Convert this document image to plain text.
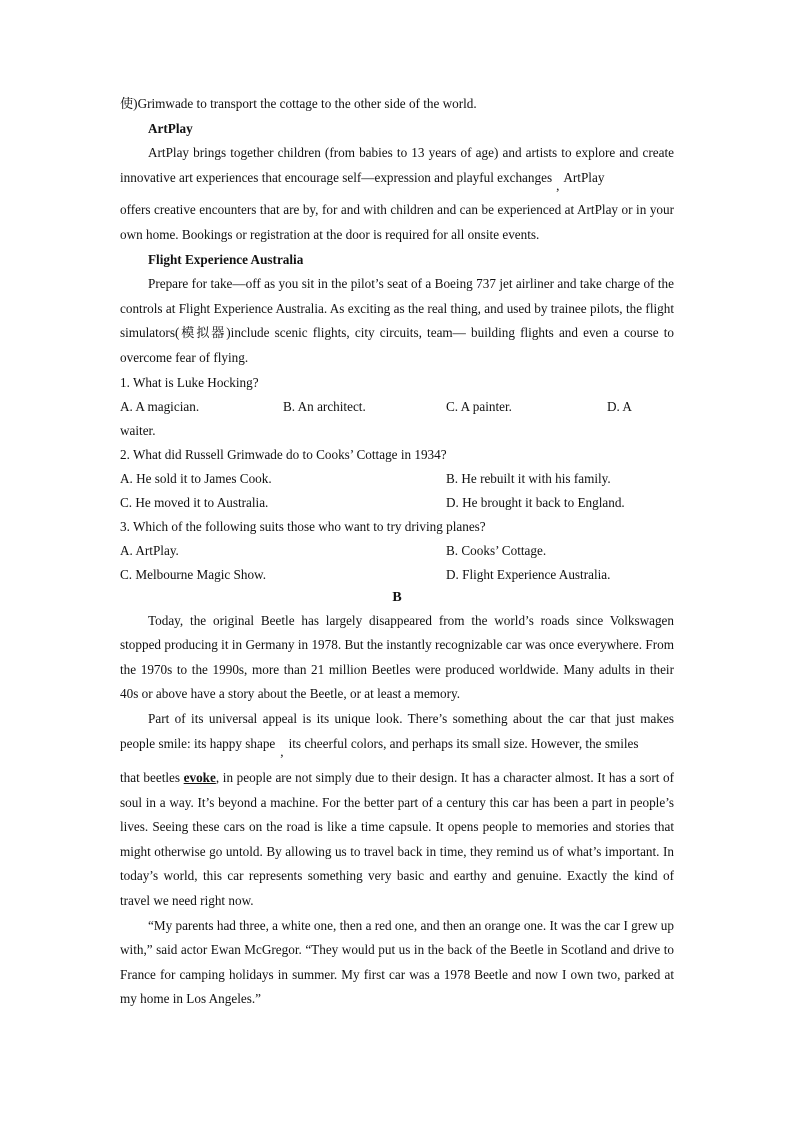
使)Grimwade to transport the cottage to the other side of the world.

ArtPlay

ArtPlay brings together children (from babies to 13 years of age) and artists to explore and create innovative art experiences that encourage self—expression and playful exchanges,ArtPlay

offers creative encounters that are by, for and with children and can be experienced at ArtPlay or in your own home. Bookings or registration at the door is required for all onsite events.

Flight Experience Australia

Prepare for take—off as you sit in the pilot’s seat of a Boeing 737 jet airliner and take charge of the controls at Flight Experience Australia. As exciting as the real thing, and used by trainee pilots, the flight simulators(模拟器)include scenic flights, city circuits, team— building flights and even a course to overcome fear of flying.

1. What is Luke Hocking?

A. A magician.	B. An architect.	C. A painter.	D. A

waiter.

2. What did Russell Grimwade do to Cooks’ Cottage in 1934?

A. He sold it to James Cook.	B. He rebuilt it with his family.
C. He moved it to Australia.	D. He brought it back to England.

3. Which of the following suits those who want to try driving planes?

A. ArtPlay.	B. Cooks’ Cottage.
C. Melbourne Magic Show.	D. Flight Experience Australia.

B

Today, the original Beetle has largely disappeared from the world’s roads since Volkswagen stopped producing it in Germany in 1978. But the instantly recognizable car was once everywhere. From the 1970s to the 1990s, more than 21 million Beetles were produced worldwide. Many adults in their 40s or above have a story about the Beetle, or at least a memory.

Part of its universal appeal is its unique look. There’s something about the car that just makes people smile: its happy shape,its cheerful colors, and perhaps its small size. However, the smiles

that beetles evoke, in people are not simply due to their design. It has a character almost. It has a sort of soul in a way. It’s beyond a machine. For the better part of a century this car has been a part in people’s lives. Seeing these cars on the road is like a time capsule. It opens people to memories and stories that might otherwise go untold. By allowing us to travel back in time, they remind us of what’s important. In today’s world, this car represents something very basic and earthy and genuine. Exactly the kind of travel we need right now.

“My parents had three, a white one, then a red one, and then an orange one. It was the car I grew up with,” said actor Ewan McGregor. “They would put us in the back of the Beetle in Scotland and drive to France for camping holidays in summer. My first car was a 1978 Beetle and now I own two, parked at my home in Los Angeles.”
